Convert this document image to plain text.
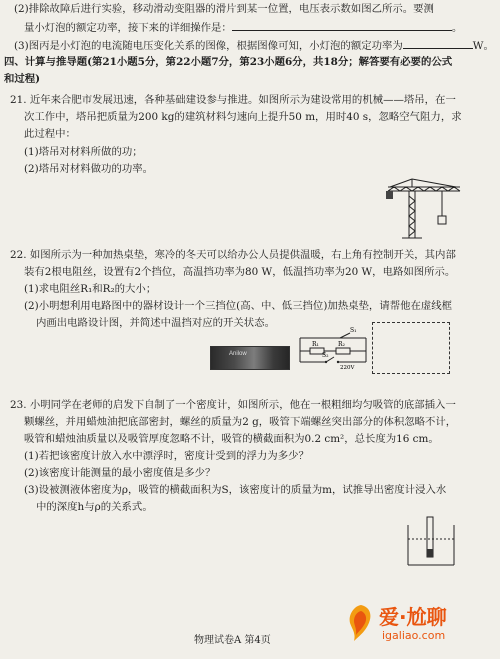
(2)排除故障后进行实验，移动滑动变阻器的滑片到某一位置，电压表示数如图乙所示。要测
量小灯泡的额定功率，接下来的详细操作是：	。
(3)图丙是小灯泡的电流随电压变化关系的图像，根据图像可知，小灯泡的额定功率为	W。
四、计算与推导题(第21小题5分，第22小题7分，第23小题6分，共18分；解答要有必要的公式
和过程)
21. 近年来合肥市发展迅速，各种基础建设参与推进。如图所示为建设常用的机械——塔吊，在一
次工作中，塔吊把质量为200 kg的建筑材料匀速向上提升50 m，用时40 s，忽略空气阻力，求
此过程中：
(1)塔吊对材料所做的功；
(2)塔吊对材料做功的功率。
22. 如图所示为一种加热桌垫，寒冷的冬天可以给办公人员提供温暖，右上角有控制开关，其内部
装有2根电阻丝，设置有2个挡位，高温挡功率为80 W，低温挡功率为20 W，电路如图所示。
(1)求电阻丝R₁和R₂的大小；
(2)小明想利用电路图中的器材设计一个三挡位(高、中、低三挡位)加热桌垫，请帮他在虚线框
内画出电路设计图，并简述中温挡对应的开关状态。
23. 小明同学在老师的启发下自制了一个密度计，如图所示，他在一根粗细均匀吸管的底部插入一
颗螺丝，并用蜡烛油把底部密封，螺丝的质量为2 g，吸管下端螺丝突出部分的体积忽略不计，
吸管和蜡烛油质量以及吸管厚度忽略不计，吸管的横截面积为0.2 cm²，总长度为16 cm。
(1)若把该密度计放入水中漂浮时，密度计受到的浮力为多少？
(2)该密度计能测量的最小密度值是多少？
(3)设被测液体密度为ρ，吸管的横截面积为S，该密度计的质量为m，试推导出密度计浸入水
中的深度h与ρ的关系式。
Anilow
S₁
R₁	R₂
S₂
220V
物理试卷A 第4页
爱·尬聊
igaliao.com
